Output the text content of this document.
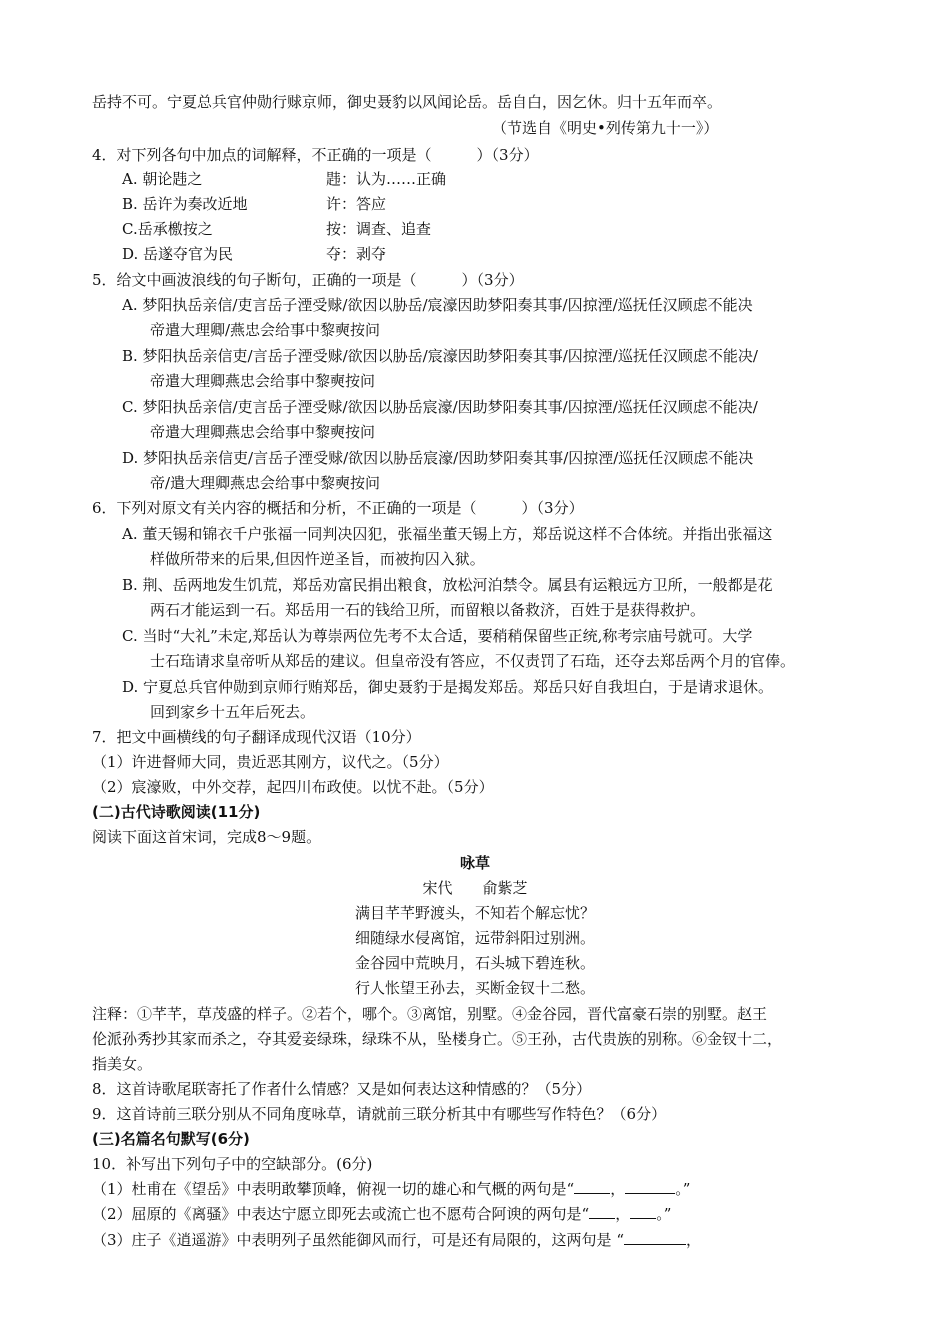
岳持不可。宁夏总兵官仲勋行赇京师，御史聂豹以风闻论岳。岳自白，因乞休。归十五年而卒。
（节选自《明史•列传第九十一》）
4．对下列各句中加点的词解释，不正确的一项是（　　　）（3分）
A. 朝论韪之	韪：认为……正确
B. 岳许为奏改近地	许：答应
C.岳承檄按之	按：调查、追查
D. 岳遂夺官为民	夺：剥夺
5．给文中画波浪线的句子断句，正确的一项是（　　　）（3分）
A. 梦阳执岳亲信/吏言岳子湮受赇/欲因以胁岳/宸濠因助梦阳奏其事/囚掠湮/巡抚任汉顾虑不能决
帝遣大理卿/燕忠会给事中黎奭按问
B. 梦阳执岳亲信吏/言岳子湮受赇/欲因以胁岳/宸濠因助梦阳奏其事/囚掠湮/巡抚任汉顾虑不能决/
帝遣大理卿燕忠会给事中黎奭按问
C. 梦阳执岳亲信/吏言岳子湮受赇/欲因以胁岳宸濠/因助梦阳奏其事/囚掠湮/巡抚任汉顾虑不能决/
帝遣大理卿燕忠会给事中黎奭按问
D. 梦阳执岳亲信吏/言岳子湮受赇/欲因以胁岳宸濠/因助梦阳奏其事/囚掠湮/巡抚任汉顾虑不能决
帝/遣大理卿燕忠会给事中黎奭按问
6．下列对原文有关内容的概括和分析，不正确的一项是（　　　）（3分）
A. 董天锡和锦衣千户张福一同判决囚犯，张福坐董天锡上方，郑岳说这样不合体统。并指出张福这
样做所带来的后果,但因忤逆圣旨，而被拘囚入狱。
B. 荆、岳两地发生饥荒，郑岳劝富民捐出粮食，放松河泊禁令。属县有运粮远方卫所，一般都是花
两石才能运到一石。郑岳用一石的钱给卫所，而留粮以备救济，百姓于是获得救护。
C. 当时“大礼”未定,郑岳认为尊崇两位先考不太合适，要稍稍保留些正统,称考宗庙号就可。大学
士石珤请求皇帝听从郑岳的建议。但皇帝没有答应，不仅责罚了石珤，还夺去郑岳两个月的官俸。
D. 宁夏总兵官仲勋到京师行贿郑岳，御史聂豹于是揭发郑岳。郑岳只好自我坦白，于是请求退休。
回到家乡十五年后死去。
7．把文中画横线的句子翻译成现代汉语（10分）
（1）许进督师大同，贵近恶其刚方，议代之。（5分）
（2）宸濠败，中外交荐，起四川布政使。以忧不赴。（5分）
(二)古代诗歌阅读(11分)
阅读下面这首宋词，完成8～9题。
咏草
宋代　　俞紫芝
满目芊芊野渡头，不知若个解忘忧？
细随绿水侵离馆，远带斜阳过别洲。
金谷园中荒映月，石头城下碧连秋。
行人怅望王孙去，买断金钗十二愁。
注释：①芊芊，草茂盛的样子。②若个，哪个。③离馆，别墅。④金谷园，晋代富豪石崇的别墅。赵王
伦派孙秀抄其家而杀之，夺其爱妾绿珠，绿珠不从，坠楼身亡。⑤王孙，古代贵族的别称。⑥金钗十二，
指美女。
8．这首诗歌尾联寄托了作者什么情感？又是如何表达这种情感的？（5分）
9．这首诗前三联分别从不同角度咏草，请就前三联分析其中有哪些写作特色？（6分）
(三)名篇名句默写(6分)
10．补写出下列句子中的空缺部分。(6分)
（1）杜甫在《望岳》中表明敢攀顶峰，俯视一切的雄心和气概的两句是“ ，	。”
（2）屈原的《离骚》中表达宁愿立即死去或流亡也不愿苟合阿谀的两句是“ ， 。”
（3）庄子《逍遥游》中表明列子虽然能御风而行，可是还有局限的，这两句是 “	，
